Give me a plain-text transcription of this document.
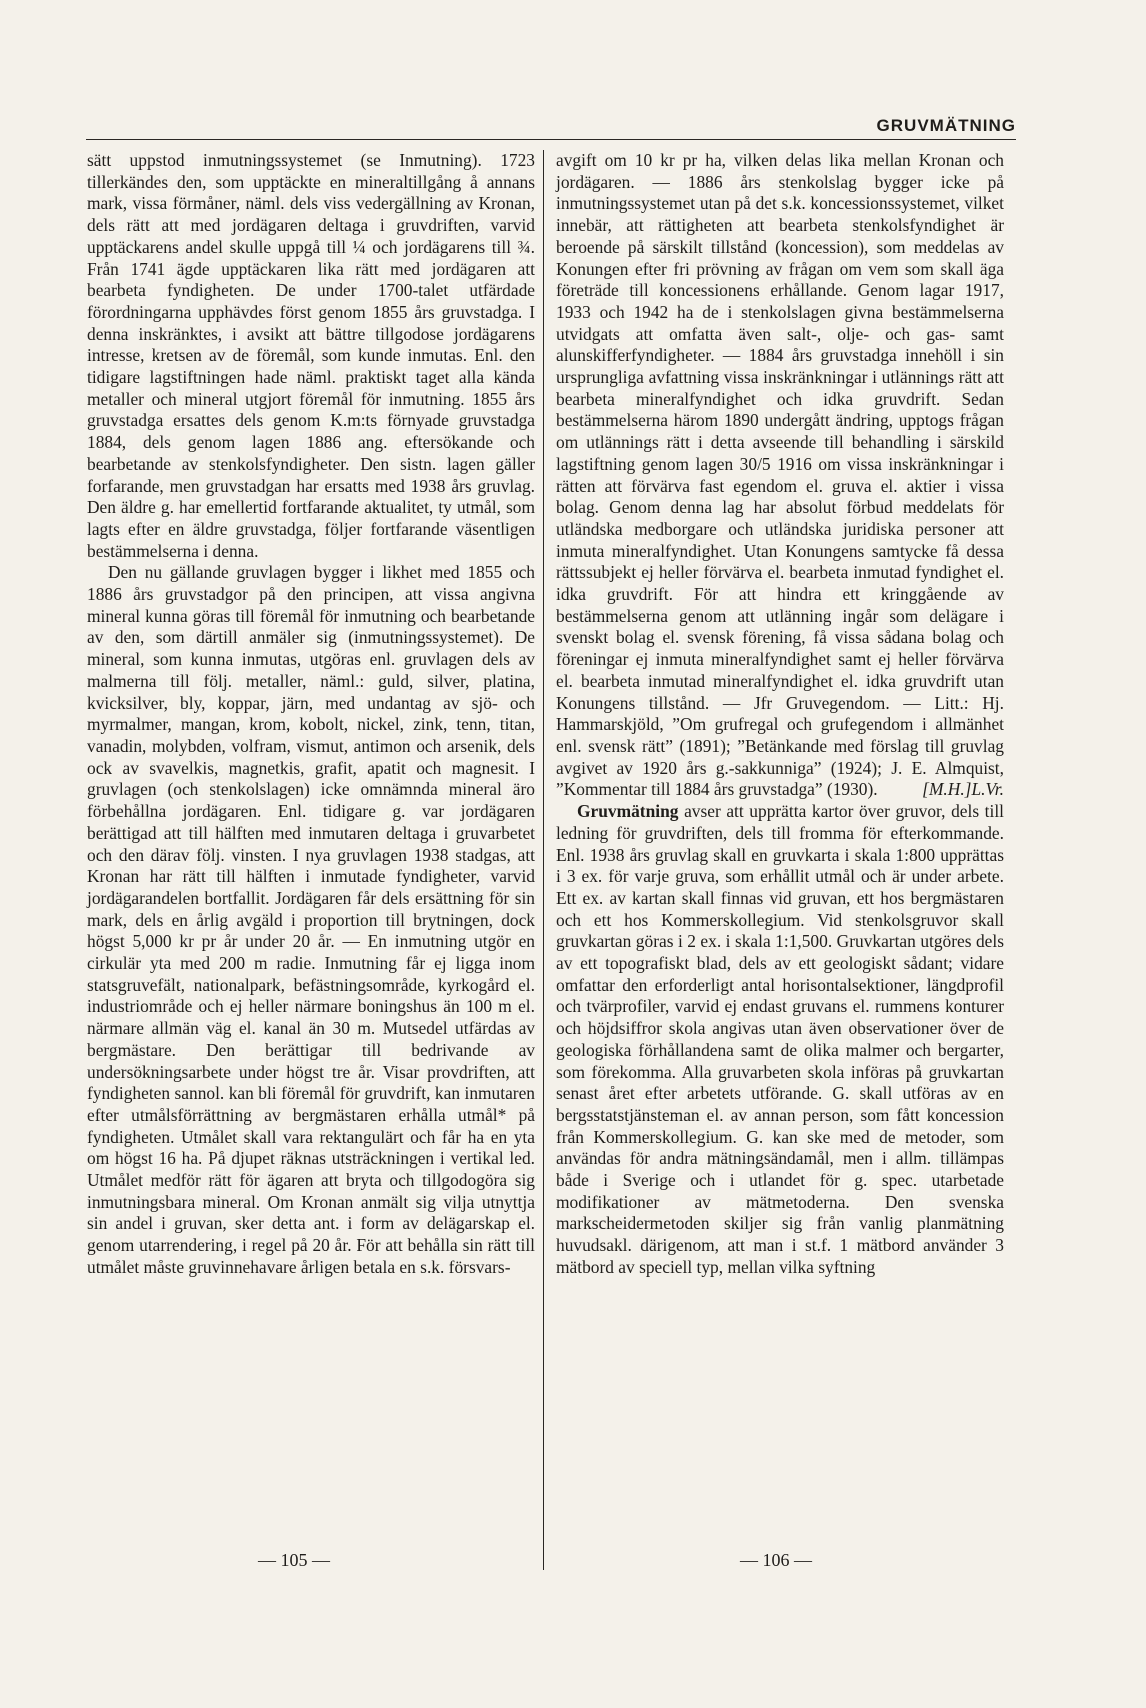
GRUVMÄTNING

sätt uppstod inmutningssystemet (se Inmutning). 1723 tillerkändes den, som upptäckte en mineraltillgång å annans mark, vissa förmåner, näml. dels viss vedergällning av Kronan, dels rätt att med jordägaren deltaga i gruvdriften, varvid upptäckarens andel skulle uppgå till ¼ och jordägarens till ¾. Från 1741 ägde upptäckaren lika rätt med jordägaren att bearbeta fyndigheten. De under 1700-talet utfärdade förordningarna upphävdes först genom 1855 års gruvstadga. I denna inskränktes, i avsikt att bättre tillgodose jordägarens intresse, kretsen av de föremål, som kunde inmutas. Enl. den tidigare lagstiftningen hade näml. praktiskt taget alla kända metaller och mineral utgjort föremål för inmutning. 1855 års gruvstadga ersattes dels genom K.m:ts förnyade gruvstadga 1884, dels genom lagen 1886 ang. eftersökande och bearbetande av stenkolsfyndigheter. Den sistn. lagen gäller forfarande, men gruvstadgan har ersatts med 1938 års gruvlag. Den äldre g. har emellertid fortfarande aktualitet, ty utmål, som lagts efter en äldre gruvstadga, följer fortfarande väsentligen bestämmelserna i denna.

Den nu gällande gruvlagen bygger i likhet med 1855 och 1886 års gruvstadgor på den principen, att vissa angivna mineral kunna göras till föremål för inmutning och bearbetande av den, som därtill anmäler sig (inmutningssystemet). De mineral, som kunna inmutas, utgöras enl. gruvlagen dels av malmerna till följ. metaller, näml.: guld, silver, platina, kvicksilver, bly, koppar, järn, med undantag av sjö- och myrmalmer, mangan, krom, kobolt, nickel, zink, tenn, titan, vanadin, molybden, volfram, vismut, antimon och arsenik, dels ock av svavelkis, magnetkis, grafit, apatit och magnesit. I gruvlagen (och stenkolslagen) icke omnämnda mineral äro förbehållna jordägaren. Enl. tidigare g. var jordägaren berättigad att till hälften med inmutaren deltaga i gruvarbetet och den därav följ. vinsten. I nya gruvlagen 1938 stadgas, att Kronan har rätt till hälften i inmutade fyndigheter, varvid jordägarandelen bortfallit. Jordägaren får dels ersättning för sin mark, dels en årlig avgäld i proportion till brytningen, dock högst 5,000 kr pr år under 20 år. — En inmutning utgör en cirkulär yta med 200 m radie. Inmutning får ej ligga inom statsgruvefält, nationalpark, befästningsområde, kyrkogård el. industriområde och ej heller närmare boningshus än 100 m el. närmare allmän väg el. kanal än 30 m. Mutsedel utfärdas av bergmästare. Den berättigar till bedrivande av undersökningsarbete under högst tre år. Visar provdriften, att fyndigheten sannol. kan bli föremål för gruvdrift, kan inmutaren efter utmålsförrättning av bergmästaren erhålla utmål* på fyndigheten. Utmålet skall vara rektangulärt och får ha en yta om högst 16 ha. På djupet räknas utsträckningen i vertikal led. Utmålet medför rätt för ägaren att bryta och tillgodogöra sig inmutningsbara mineral. Om Kronan anmält sig vilja utnyttja sin andel i gruvan, sker detta ant. i form av delägarskap el. genom utarrendering, i regel på 20 år. För att behålla sin rätt till utmålet måste gruvinnehavare årligen betala en s.k. försvars-

avgift om 10 kr pr ha, vilken delas lika mellan Kronan och jordägaren. — 1886 års stenkolslag bygger icke på inmutningssystemet utan på det s.k. koncessionssystemet, vilket innebär, att rättigheten att bearbeta stenkolsfyndighet är beroende på särskilt tillstånd (koncession), som meddelas av Konungen efter fri prövning av frågan om vem som skall äga företräde till koncessionens erhållande. Genom lagar 1917, 1933 och 1942 ha de i stenkolslagen givna bestämmelserna utvidgats att omfatta även salt-, olje- och gas- samt alunskifferfyndigheter. — 1884 års gruvstadga innehöll i sin ursprungliga avfattning vissa inskränkningar i utlännings rätt att bearbeta mineralfyndighet och idka gruvdrift. Sedan bestämmelserna härom 1890 undergått ändring, upptogs frågan om utlännings rätt i detta avseende till behandling i särskild lagstiftning genom lagen 30/5 1916 om vissa inskränkningar i rätten att förvärva fast egendom el. gruva el. aktier i vissa bolag. Genom denna lag har absolut förbud meddelats för utländska medborgare och utländska juridiska personer att inmuta mineralfyndighet. Utan Konungens samtycke få dessa rättssubjekt ej heller förvärva el. bearbeta inmutad fyndighet el. idka gruvdrift. För att hindra ett kringgående av bestämmelserna genom att utlänning ingår som delägare i svenskt bolag el. svensk förening, få vissa sådana bolag och föreningar ej inmuta mineralfyndighet samt ej heller förvärva el. bearbeta inmutad mineralfyndighet el. idka gruvdrift utan Konungens tillstånd. — Jfr Gruvegendom. — Litt.: Hj. Hammarskjöld, ”Om grufregal och grufegendom i allmänhet enl. svensk rätt” (1891); ”Betänkande med förslag till gruvlag avgivet av 1920 års g.-sakkunniga” (1924); J. E. Almquist, ”Kommentar till 1884 års gruvstadga” (1930).	[M.H.]L.Vr.

Gruvmätning avser att upprätta kartor över gruvor, dels till ledning för gruvdriften, dels till fromma för efterkommande. Enl. 1938 års gruvlag skall en gruvkarta i skala 1:800 upprättas i 3 ex. för varje gruva, som erhållit utmål och är under arbete. Ett ex. av kartan skall finnas vid gruvan, ett hos bergmästaren och ett hos Kommerskollegium. Vid stenkolsgruvor skall gruvkartan göras i 2 ex. i skala 1:1,500. Gruvkartan utgöres dels av ett topografiskt blad, dels av ett geologiskt sådant; vidare omfattar den erforderligt antal horisontalsektioner, längdprofil och tvärprofiler, varvid ej endast gruvans el. rummens konturer och höjdsiffror skola angivas utan även observationer över de geologiska förhållandena samt de olika malmer och bergarter, som förekomma. Alla gruvarbeten skola införas på gruvkartan senast året efter arbetets utförande. G. skall utföras av en bergsstatstjänsteman el. av annan person, som fått koncession från Kommerskollegium. G. kan ske med de metoder, som användas för andra mätningsändamål, men i allm. tillämpas både i Sverige och i utlandet för g. spec. utarbetade modifikationer av mätmetoderna. Den svenska markscheidermetoden skiljer sig från vanlig planmätning huvudsakl. därigenom, att man i st.f. 1 mätbord använder 3 mätbord av speciell typ, mellan vilka syftning

— 105 —	— 106 —
